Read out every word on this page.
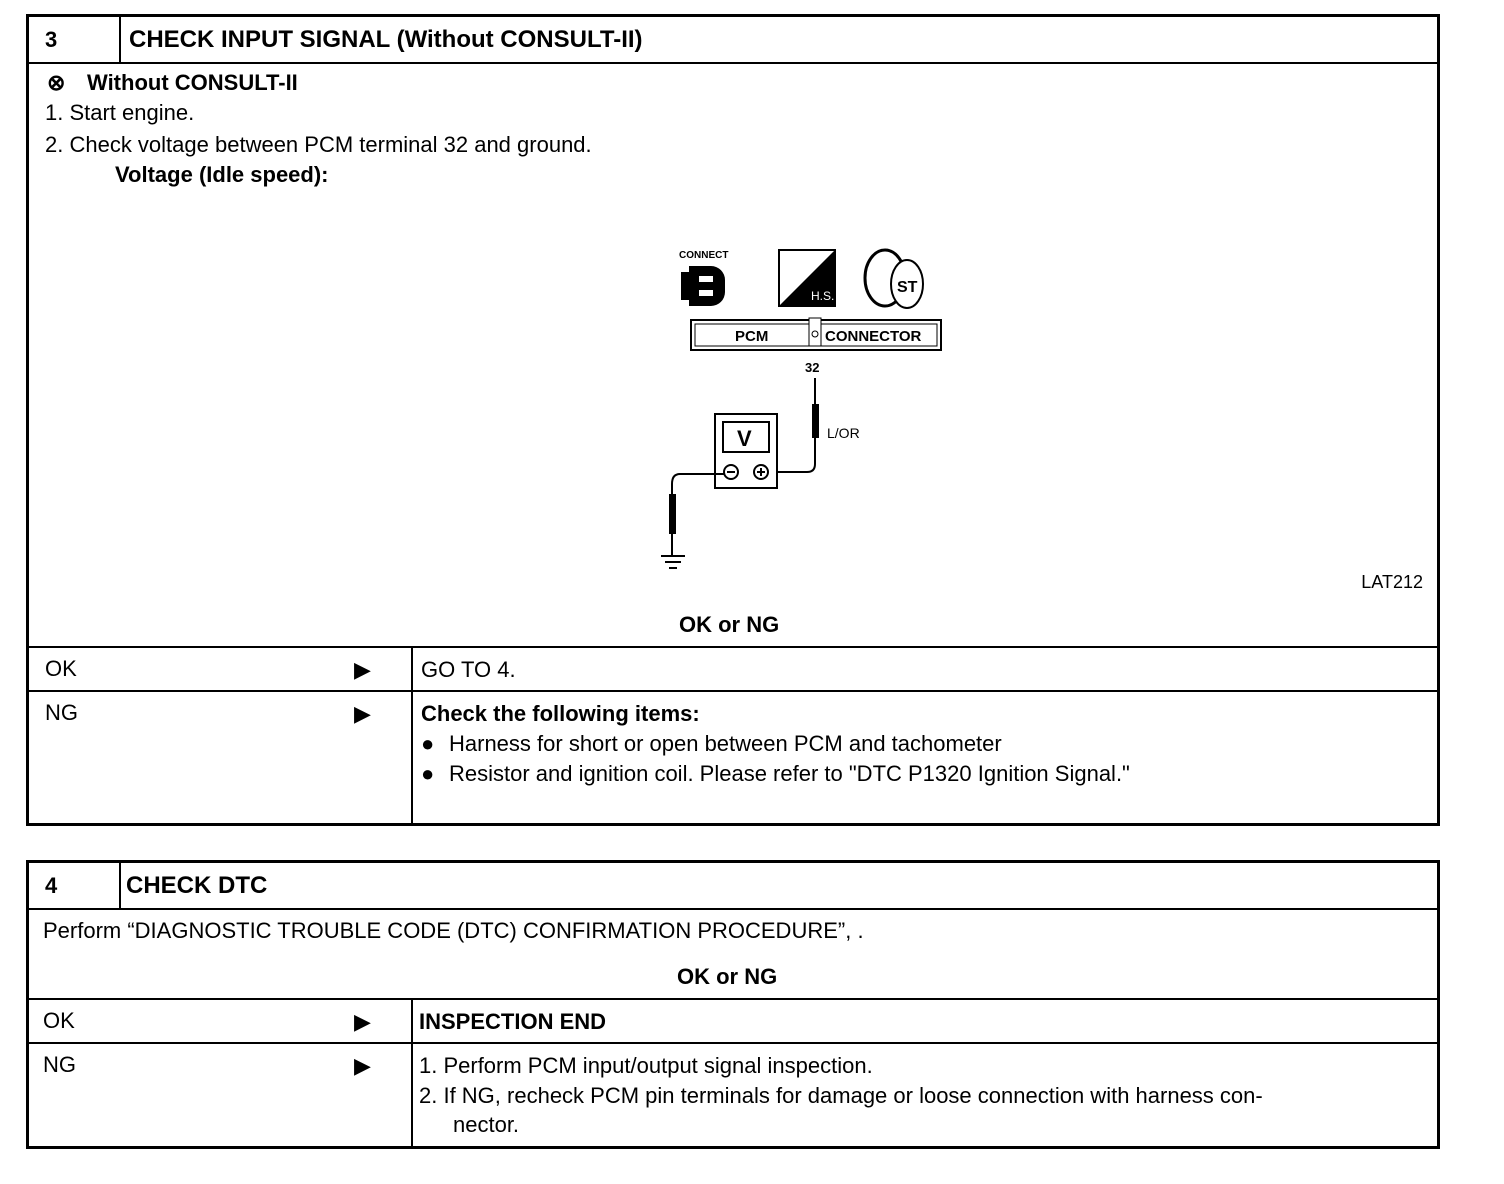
3	CHECK INPUT SIGNAL (Without CONSULT-II)
⊗ Without CONSULT-II
1. Start engine.
2. Check voltage between PCM terminal 32 and ground.
Voltage (Idle speed):
CONNECT
H.S.	ST
PCM	CONNECTOR
32
L/OR
V
LAT212
OK or NG
OK	▶ GO TO 4.
NG	▶ Check the following items:
● Harness for short or open between PCM and tachometer
● Resistor and ignition coil. Please refer to "DTC P1320 Ignition Signal."
4	CHECK DTC
Perform “DIAGNOSTIC TROUBLE CODE (DTC) CONFIRMATION PROCEDURE”, .
OK or NG
OK	▶ INSPECTION END
NG	▶ 1. Perform PCM input/output signal inspection.
2. If NG, recheck PCM pin terminals for damage or loose connection with harness con-
nector.
